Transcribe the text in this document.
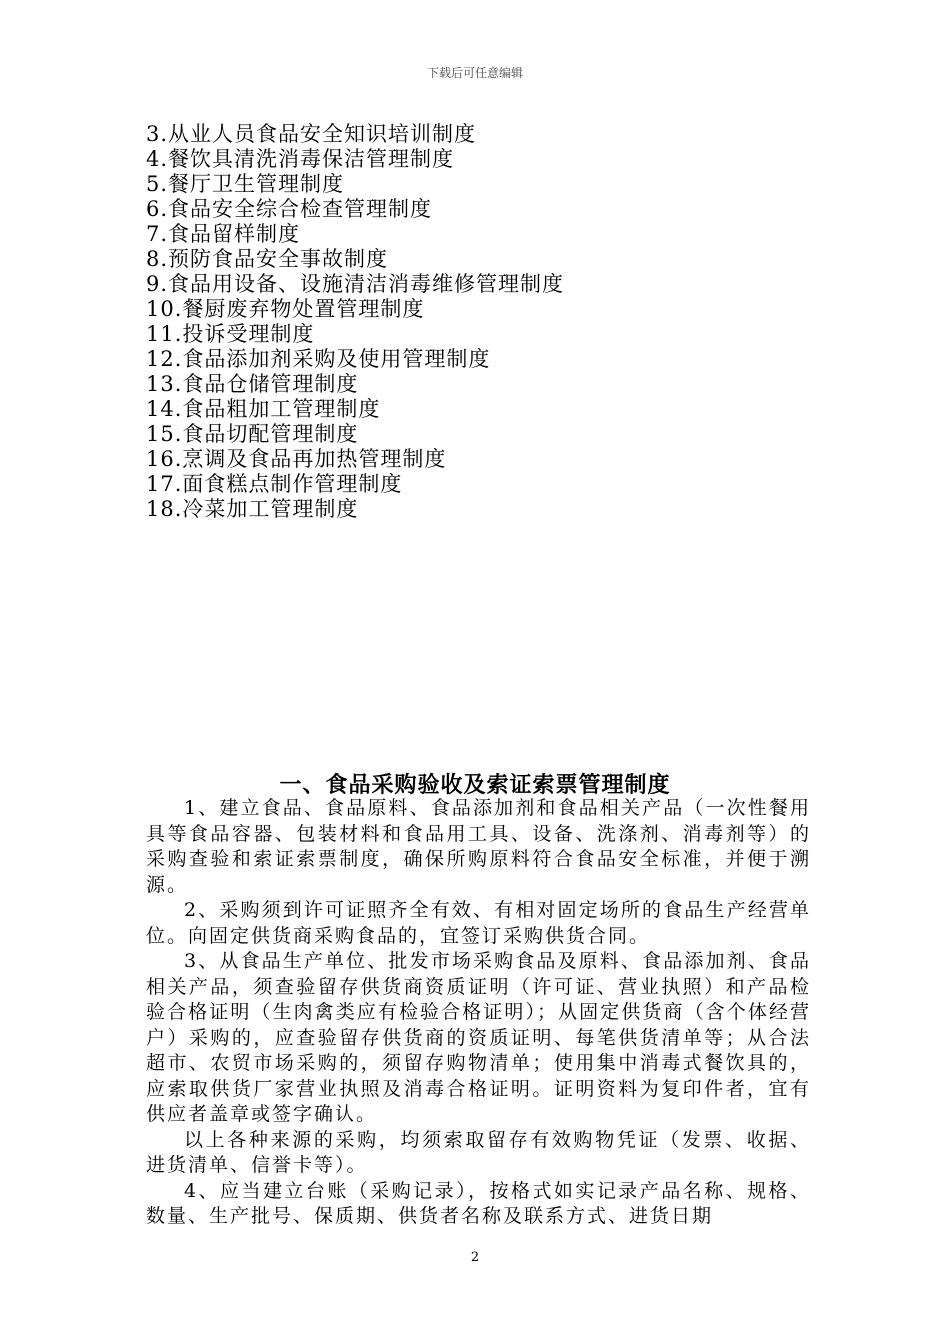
下载后可任意编辑
3.从业人员食品安全知识培训制度
4.餐饮具清洗消毒保洁管理制度
5.餐厅卫生管理制度
6.食品安全综合检查管理制度
7.食品留样制度
8.预防食品安全事故制度
9.食品用设备、设施清洁消毒维修管理制度
10.餐厨废弃物处置管理制度
11.投诉受理制度
12.食品添加剂采购及使用管理制度
13.食品仓储管理制度
14.食品粗加工管理制度
15.食品切配管理制度
16.烹调及食品再加热管理制度
17.面食糕点制作管理制度
18.冷菜加工管理制度
一、食品采购验收及索证索票管理制度

1、建立食品、食品原料、食品添加剂和食品相关产品（一次性餐用具等食品容器、包装材料和食品用工具、设备、洗涤剂、消毒剂等）的采购查验和索证索票制度，确保所购原料符合食品安全标准，并便于溯源。

2、采购须到许可证照齐全有效、有相对固定场所的食品生产经营单位。向固定供货商采购食品的，宜签订采购供货合同。

3、从食品生产单位、批发市场采购食品及原料、食品添加剂、食品相关产品，须查验留存供货商资质证明（许可证、营业执照）和产品检验合格证明（生肉禽类应有检验合格证明）；从固定供货商（含个体经营户）采购的，应查验留存供货商的资质证明、每笔供货清单等；从合法超市、农贸市场采购的，须留存购物清单；使用集中消毒式餐饮具的，应索取供货厂家营业执照及消毒合格证明。证明资料为复印件者，宜有供应者盖章或签字确认。

以上各种来源的采购，均须索取留存有效购物凭证（发票、收据、进货清单、信誉卡等）。

4、应当建立台账（采购记录），按格式如实记录产品名称、规格、数量、生产批号、保质期、供货者名称及联系方式、进货日期

2
